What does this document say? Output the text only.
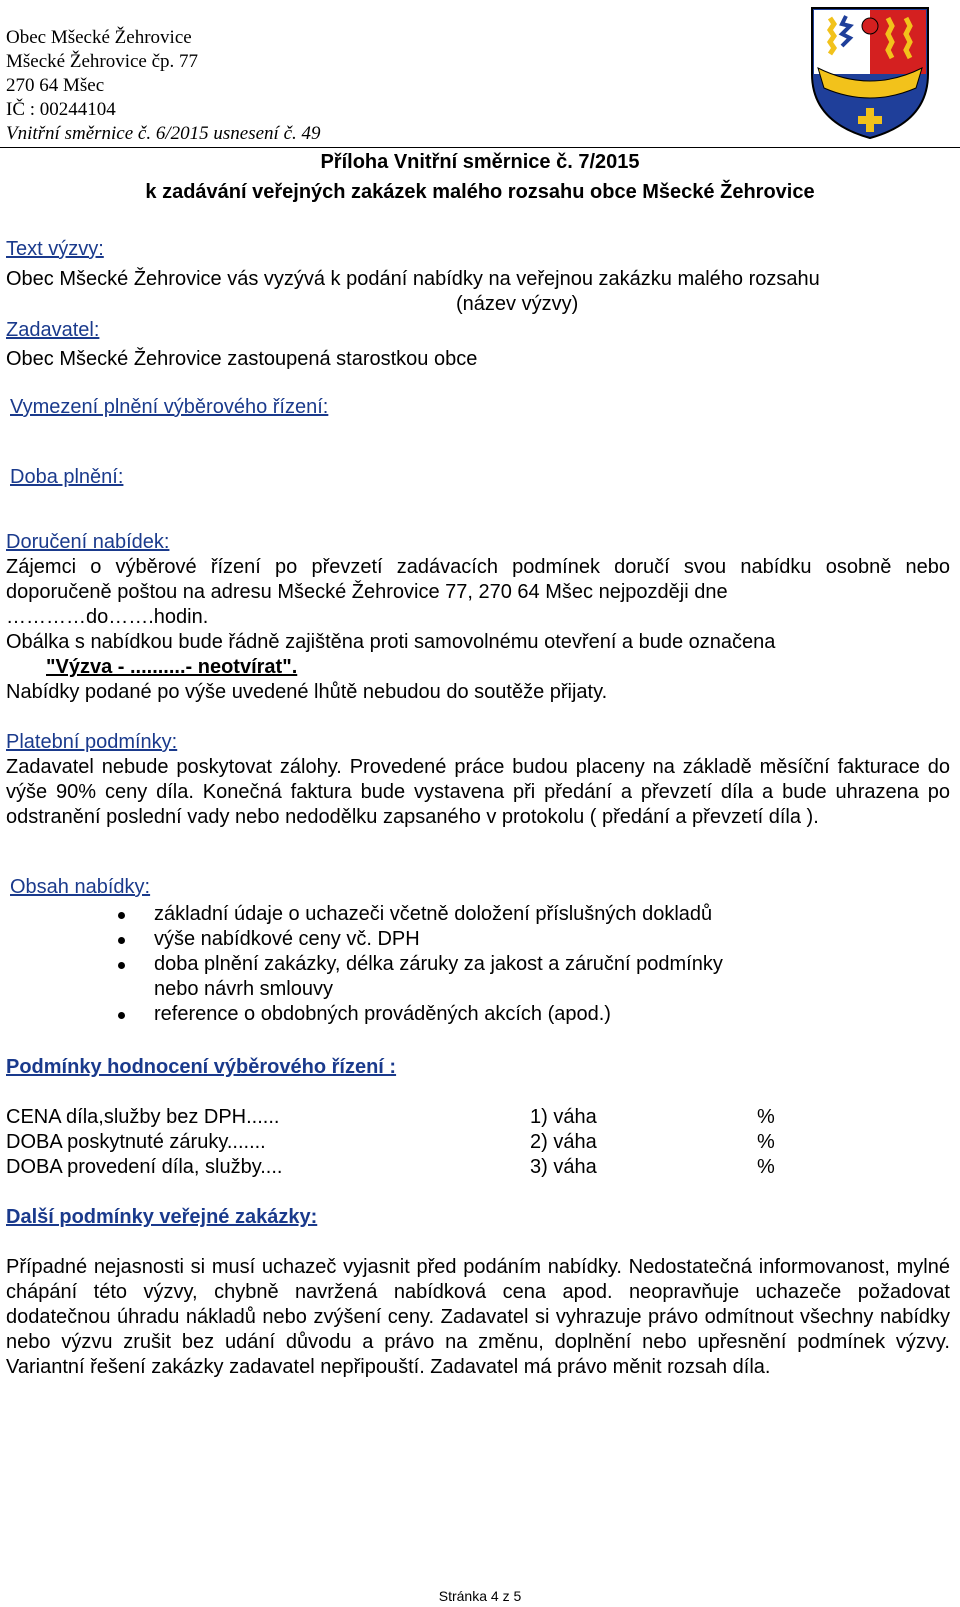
Obec Mšecké Žehrovice
Mšecké Žehrovice čp. 77
270 64 Mšec
IČ : 00244104
Vnitřní směrnice č. 6/2015 usnesení č. 49
Příloha Vnitřní směrnice č. 7/2015
k zadávání veřejných zakázek malého rozsahu obce Mšecké Žehrovice
Text výzvy:
Obec Mšecké Žehrovice vás vyzývá k podání nabídky na veřejnou zakázku malého rozsahu
(název výzvy)
Zadavatel:
Obec Mšecké Žehrovice zastoupená starostkou obce
Vymezení plnění výběrového řízení:
Doba plnění:
Doručení nabídek:
Zájemci o výběrové řízení po převzetí zadávacích podmínek doručí svou nabídku osobně nebo doporučeně poštou na adresu Mšecké Žehrovice 77, 270 64 Mšec nejpozději dne
…………do…….hodin.
Obálka s nabídkou bude řádně zajištěna proti samovolnému otevření a bude označena
"Výzva - ..........- neotvírat".
Nabídky podané po výše uvedené lhůtě nebudou do soutěže přijaty.
Platební podmínky:
Zadavatel nebude poskytovat zálohy. Provedené práce budou placeny na základě měsíční fakturace do výše 90% ceny díla. Konečná faktura bude vystavena při předání a převzetí díla a bude uhrazena po odstranění poslední vady nebo nedodělku zapsaného v protokolu ( předání a převzetí díla ).
Obsah nabídky:
základní údaje o uchazeči včetně doložení příslušných dokladů
výše nabídkové ceny vč. DPH
doba plnění zakázky, délka záruky za jakost a záruční podmínky
nebo návrh smlouvy
reference o obdobných prováděných akcích (apod.)
Podmínky hodnocení výběrového řízení :
CENA díla,služby bez DPH......	1) váha	%
DOBA poskytnuté záruky.......	2) váha	%
DOBA provedení díla, služby....	3) váha	%
Další podmínky veřejné zakázky:
Případné nejasnosti si musí uchazeč vyjasnit před podáním nabídky. Nedostatečná informovanost, mylné chápání této výzvy, chybně navržená nabídková cena apod. neopravňuje uchazeče požadovat dodatečnou úhradu nákladů nebo zvýšení ceny. Zadavatel si vyhrazuje právo odmítnout všechny nabídky nebo výzvu zrušit bez udání důvodu a právo na změnu, doplnění nebo upřesnění podmínek výzvy. Variantní řešení zakázky zadavatel nepřipouští. Zadavatel má právo měnit rozsah díla.
Stránka 4 z 5
